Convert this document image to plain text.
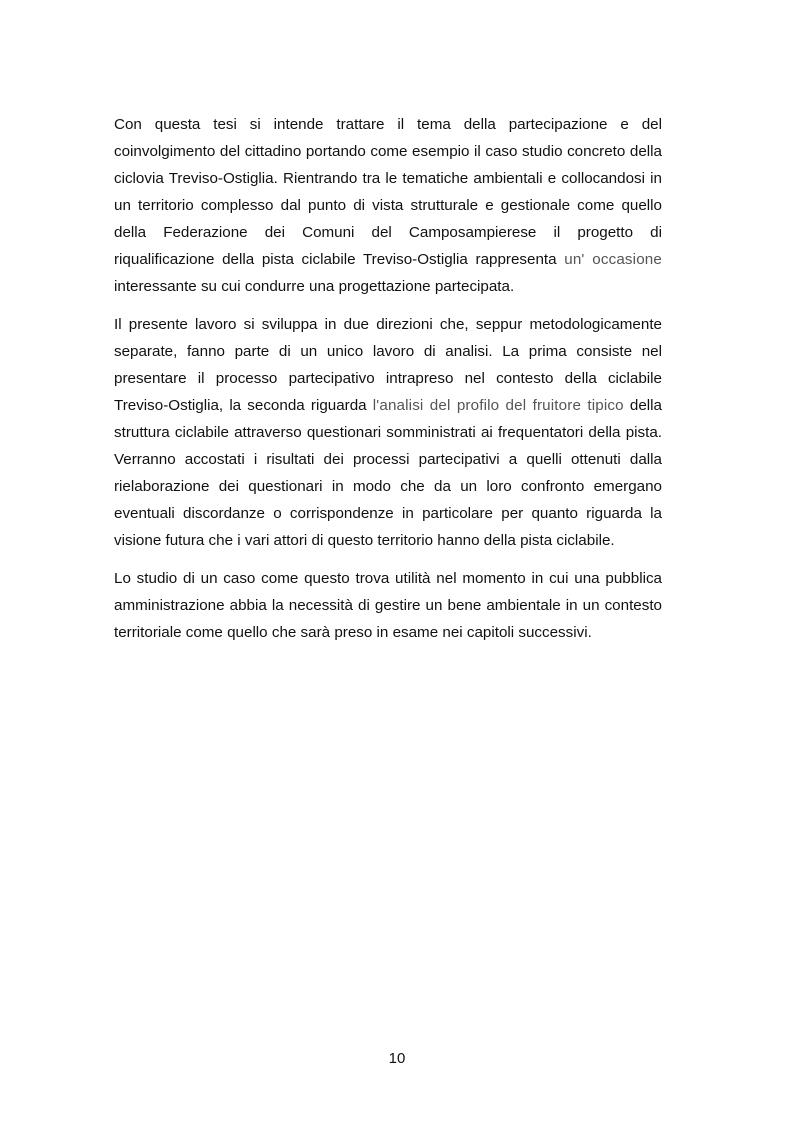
Con questa tesi si intende trattare il tema della partecipazione e del coinvolgimento del cittadino portando come esempio il caso studio concreto della ciclovia Treviso-Ostiglia. Rientrando tra le tematiche ambientali e collocandosi in un territorio complesso dal punto di vista strutturale e gestionale come quello della Federazione dei Comuni del Camposampierese il progetto di riqualificazione della pista ciclabile Treviso-Ostiglia rappresenta un' occasione interessante su cui condurre una progettazione partecipata.

Il presente lavoro si sviluppa in due direzioni che, seppur metodologicamente separate, fanno parte di un unico lavoro di analisi. La prima consiste nel presentare il processo partecipativo intrapreso nel contesto della ciclabile Treviso-Ostiglia, la seconda riguarda l'analisi del profilo del fruitore tipico della struttura ciclabile attraverso questionari somministrati ai frequentatori della pista. Verranno accostati i risultati dei processi partecipativi a quelli ottenuti dalla rielaborazione dei questionari in modo che da un loro confronto emergano eventuali discordanze o corrispondenze in particolare per quanto riguarda la visione futura che i vari attori di questo territorio hanno della pista ciclabile.

Lo studio di un caso come questo trova utilità nel momento in cui una pubblica amministrazione abbia la necessità di gestire un bene ambientale in un contesto territoriale come quello che sarà preso in esame nei capitoli successivi.

10
